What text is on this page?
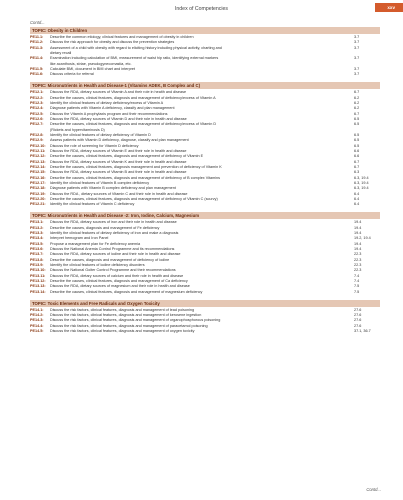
Index of Competencies	xxv
Contd...
TOPIC: Obesity in Children
PE11.1:	Describe the common etiology, clinical features and management of obesity in children	3.7
PE11.2:	Discuss the risk approach for obesity and discuss the prevention strategies	3.7
PE11.3:	Assessment of a child with obesity with regard to eliciting history including physical activity, charting and	3.7
dietary recall
PE11.4:	Examination including calculation of BMI, measurement of waist hip ratio, identifying external markers	3.7
like acanthosis, striae, pseudogynecomastia, etc.
PE11.5:	Calculate BMI, document in BMI chart and interpret	3.7
PE11.6:	Discuss criteria for referral	3.7
TOPIC: Micronutrients in Health and Disease-1 (Vitamins ADEK, B Complex and C)
PE12.1:	Discuss the RDA, dietary sources of Vitamin A and their role in health and disease	6.7
PE12.2:	Describe the causes, clinical features, diagnosis and management of deficiency/excess of Vitamin A	6.2
PE12.3:	Identify the clinical features of dietary deficiency/excess of Vitamin A	6.2
PE12.4:	Diagnose patients with Vitamin A deficiency, classify and plan management	6.2
PE12.5:	Discuss the Vitamin A prophylaxis program and their recommendations	6.7
PE12.6:	Discuss the RDA, dietary sources of Vitamin D and their role in health and disease	6.5
PE12.7:	Describe the causes, clinical features, diagnosis and management of deficiency/excess of Vitamin D	6.5
(Rickets and hypervitaminosis D)
PE12.8:	Identify the clinical features of dietary deficiency of Vitamin D	6.5
PE12.9:	Assess patients with Vitamin D deficiency, diagnose, classify and plan management	6.5
PE12.10:	Discuss the role of screening for Vitamin D deficiency	6.5
PE12.11:	Discuss the RDA, dietary sources of Vitamin E and their role in health and disease	6.6
PE12.12:	Describe the causes, clinical features, diagnosis and management of deficiency of Vitamin E	6.6
PE12.13:	Discuss the RDA, dietary sources of Vitamin K and their role in health and disease	6.7
PE12.14:	Describe the causes, clinical features, diagnosis management and prevention of deficiency of Vitamin K	6.7
PE12.15:	Discuss the RDA, dietary sources of Vitamin B and their role in health and disease	6.3
PE12.16:	Describe the causes, clinical features, diagnosis and management of deficiency of B complex Vitamins	6.3, 19.4
PE12.17:	Identify the clinical features of Vitamin B complex deficiency	6.3, 19.4
PE12.18:	Diagnose patients with Vitamin B complex deficiency and plan management	6.3, 19.4
PE12.19:	Discuss the RDA , dietary sources of Vitamin C and their role in health and disease	6.4
PE12.20:	Describe the causes, clinical features, diagnosis and management of deficiency of Vitamin C (scurvy)	6.4
PE12.21:	Identify the clinical features of Vitamin C deficiency	6.4
TOPIC: Micronutrients in Health and Disease -2: Iron, Iodine, Calcium, Magnesium
PE13.1:	Discuss the RDA, dietary sources of iron and their role in health and disease	19.4
PE13.2:	Describe the causes, diagnosis and management of Fe deficiency	19.4
PE13.3:	Identify the clinical features of dietary deficiency of iron and make a diagnosis	19.4
PE13.4:	Interpret hemogram and Iron Panel	19.2, 19.4
PE13.5:	Propose a management plan for Fe deficiency anemia	19.4
PE13.6:	Discuss the National Anemia Control Programme and its recommendations	19.4
PE13.7:	Discuss the RDA, dietary sources of iodine and their role in health and disease	22.3
PE13.8:	Describe the causes, diagnosis and management of deficiency of iodine	22.3
PE13.9:	Identify the clinical features of iodine deficiency disorders	22.3
PE13.10:	Discuss the National Goiter Control Programme and their recommendations	22.3
PE13.11:	Discuss the RDA, dietary sources of calcium and their role in health and disease	7.4
PE13.12:	Describe the causes, clinical features, diagnosis and management of Ca deficiency	7.4
PE13.13:	Discuss the RDA, dietary sources of magnesium and their role in health and disease	7.5
PE13.14:	Describe the causes, clinical features, diagnosis and management of magnesium deficiency	7.5
TOPIC: Toxic Elements and Free Radicals and Oxygen Toxicity
PE14.1:	Discuss the risk factors, clinical features, diagnosis and management of lead poisoning	27.6
PE14.2:	Discuss the risk factors, clinical features, diagnosis and management of kerosene ingestion	27.6
PE14.3:	Discuss the risk factors, clinical features, diagnosis and management of organophosphorous poisoning	27.6
PE14.4:	Discuss the risk factors, clinical features, diagnosis and management of paracetamol poisoning	27.6
PE14.5:	Discuss the risk factors, clinical features, diagnosis and management of oxygen toxicity	37.1, 36.7
Contd...
